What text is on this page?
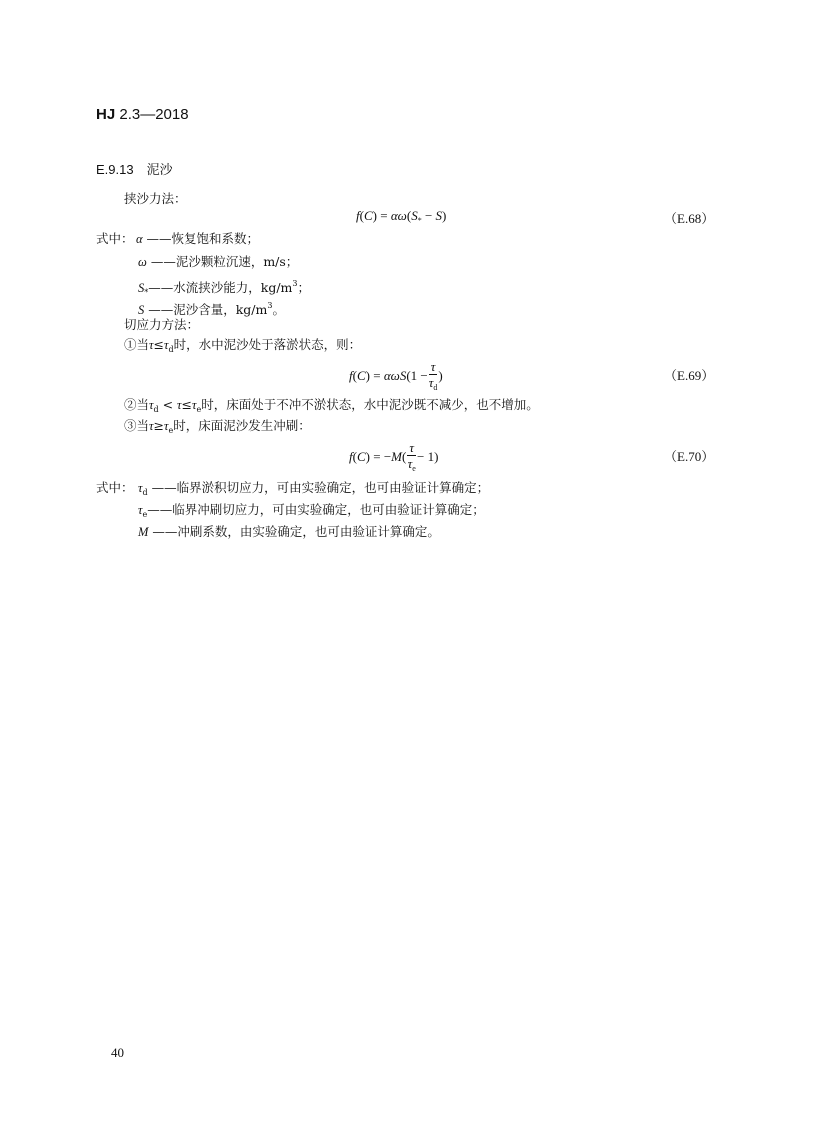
HJ 2.3—2018
E.9.13　泥沙
挟沙力法：
$f(C) = \alpha\omega(S_* - S)$	（E.68）
式中： α ——恢复饱和系数；
ω ——泥沙颗粒沉速，m/s；
$S_*——$水流挟沙能力，$kg/m^3$；
S ——泥沙含量，$kg/m^3$。
切应力方法：
①当$\tau\le\tau_d$时，水中泥沙处于落淤状态，则：
$f(C) = \alpha\omega S(1 - \frac{\tau}{\tau_d}$ )	（E.69）
②当$\tau_d < \tau\le\tau_e$时，床面处于不冲不淤状态，水中泥沙既不减少，也不增加。
③当$\tau\ge\tau_e$时，床面泥沙发生冲刷：
$f(C) = -M( \frac{\tau}{\tau_e} - 1)$	（E.70）
式中： $\tau_d$ ——临界淤积切应力，可由实验确定，也可由验证计算确定；
$\tau_e——$临界冲刷切应力，可由实验确定，也可由验证计算确定；
M ——冲刷系数，由实验确定，也可由验证计算确定。
40
